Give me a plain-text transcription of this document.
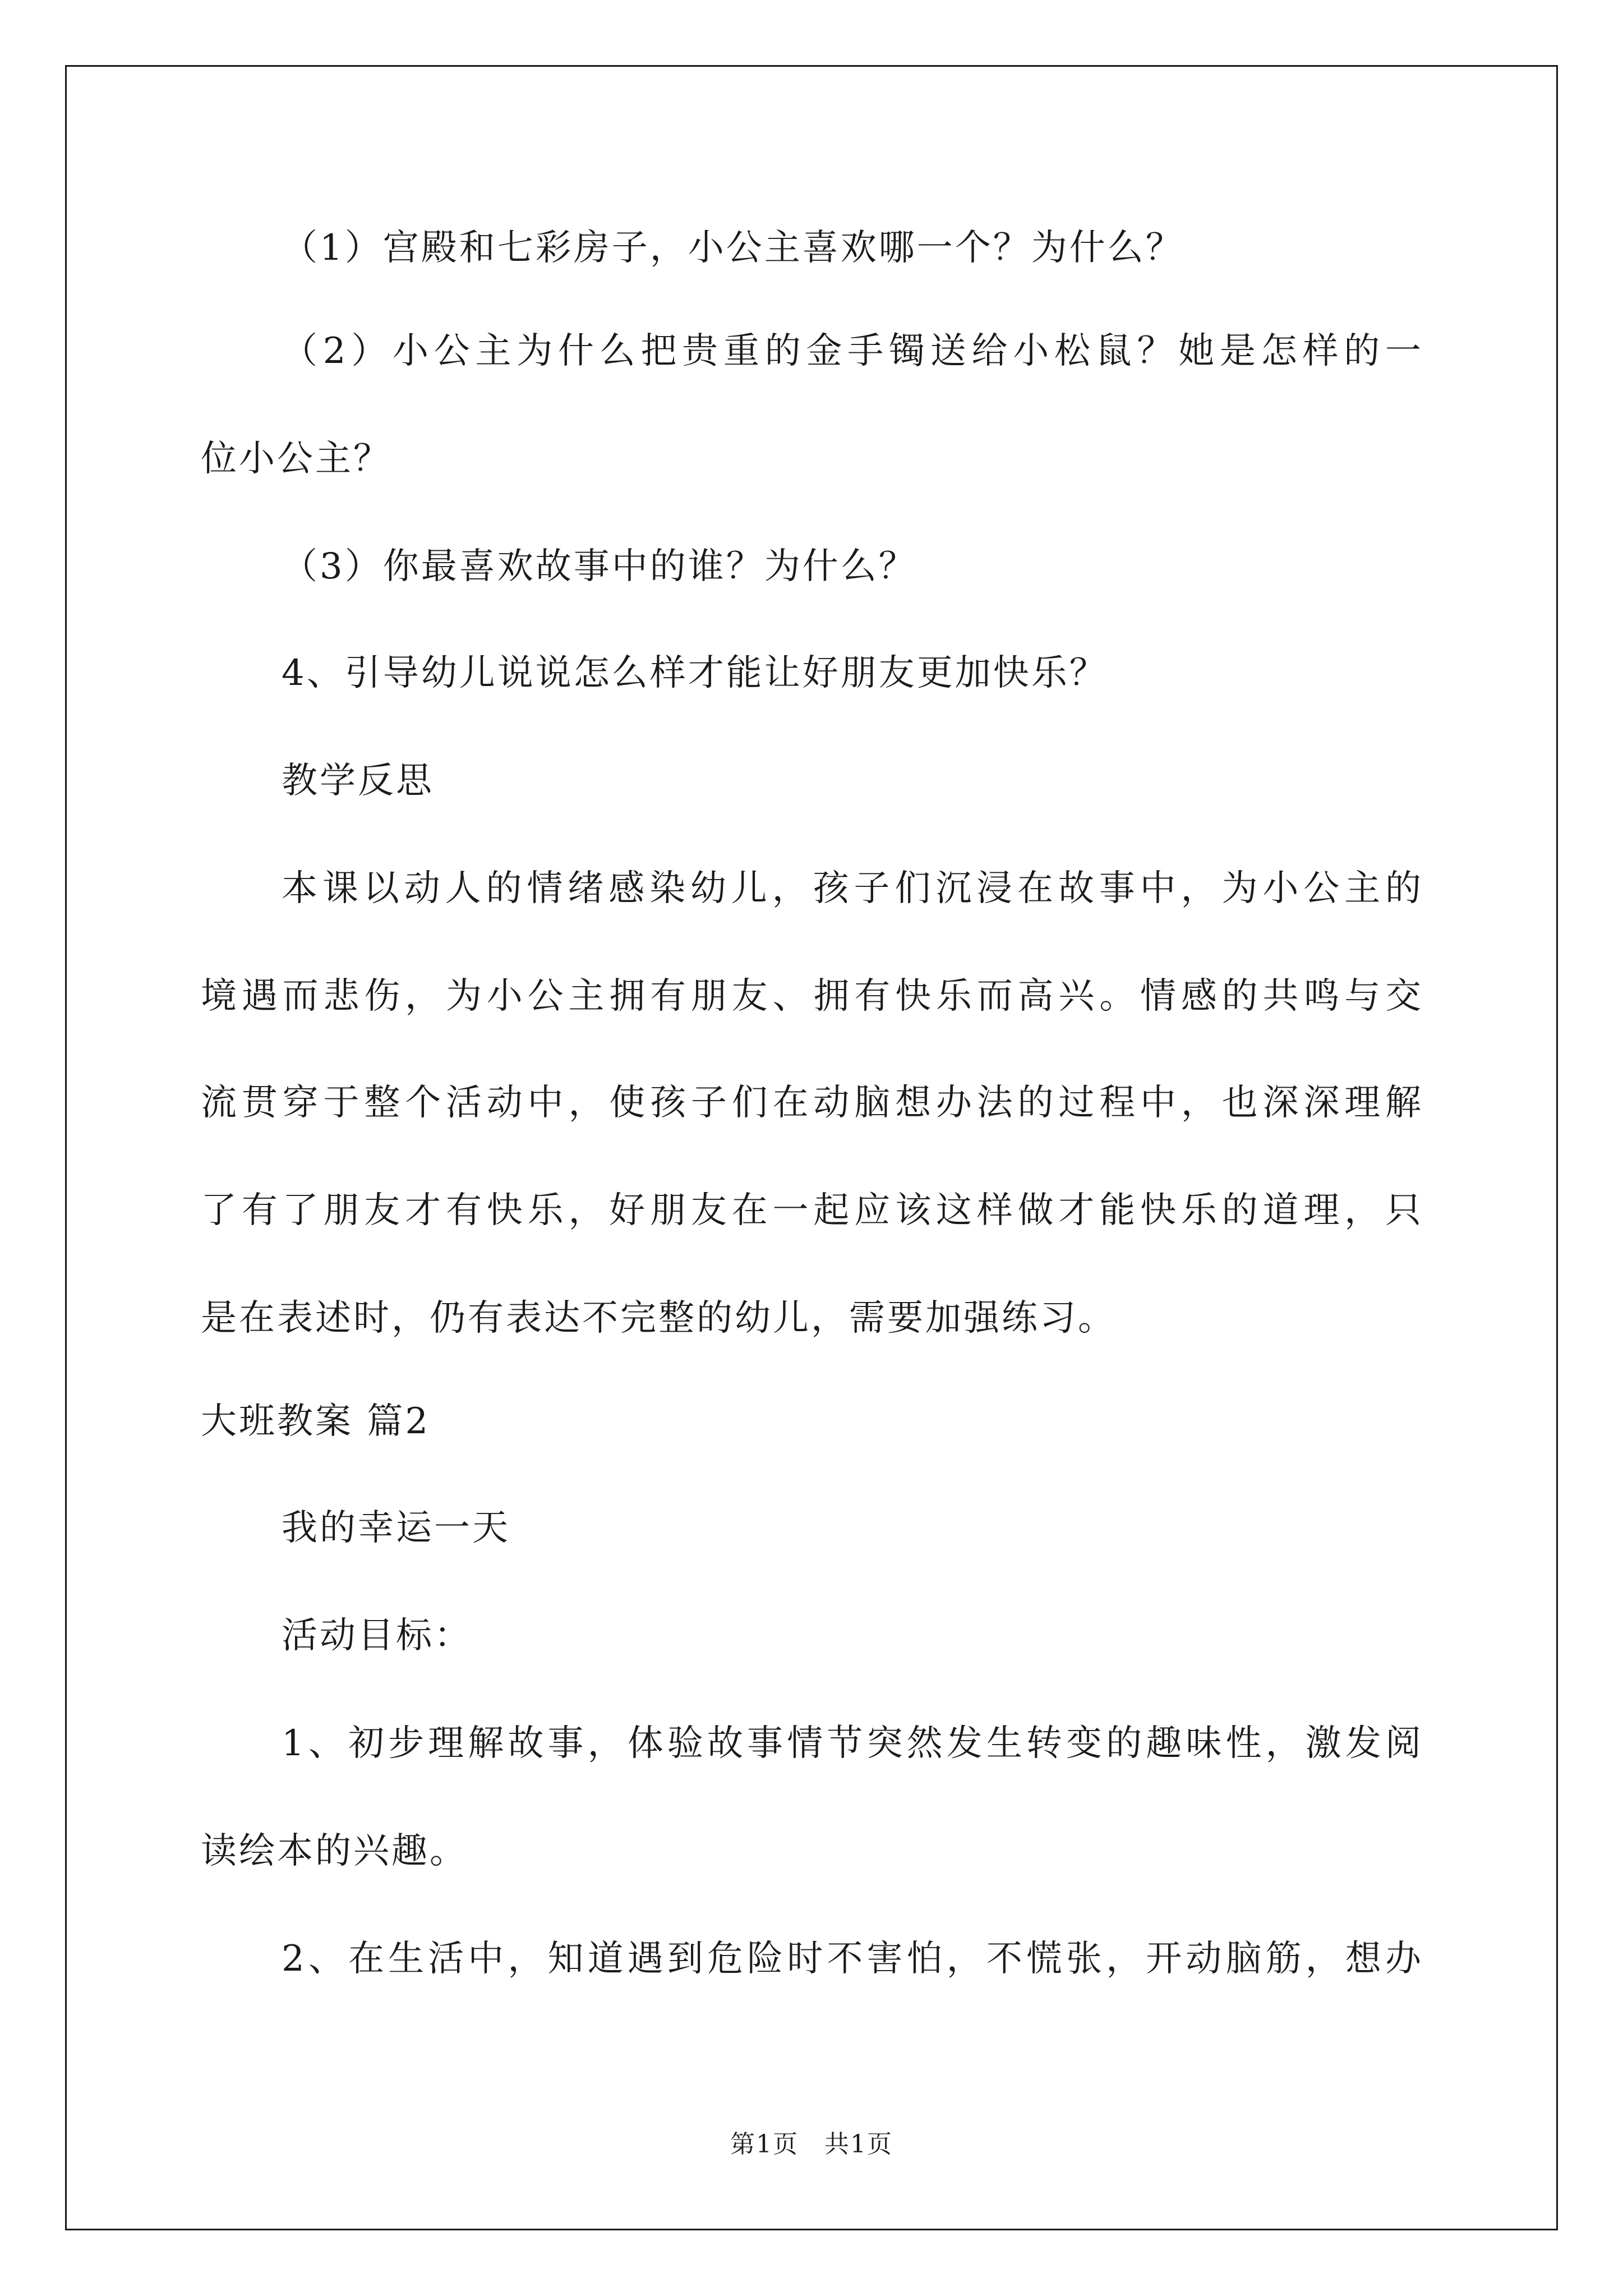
（1）宫殿和七彩房子，小公主喜欢哪一个？为什么？
（2）小公主为什么把贵重的金手镯送给小松鼠？她是怎样的一
位小公主？
（3）你最喜欢故事中的谁？为什么？
4、引导幼儿说说怎么样才能让好朋友更加快乐？
教学反思
本课以动人的情绪感染幼儿，孩子们沉浸在故事中，为小公主的
境遇而悲伤，为小公主拥有朋友、拥有快乐而高兴。情感的共鸣与交
流贯穿于整个活动中，使孩子们在动脑想办法的过程中，也深深理解
了有了朋友才有快乐，好朋友在一起应该这样做才能快乐的道理，只
是在表述时，仍有表达不完整的幼儿，需要加强练习。
大班教案 篇2
我的幸运一天
活动目标：
1、初步理解故事，体验故事情节突然发生转变的趣味性，激发阅
读绘本的兴趣。
2、在生活中，知道遇到危险时不害怕，不慌张，开动脑筋，想办
第1页　共1页
